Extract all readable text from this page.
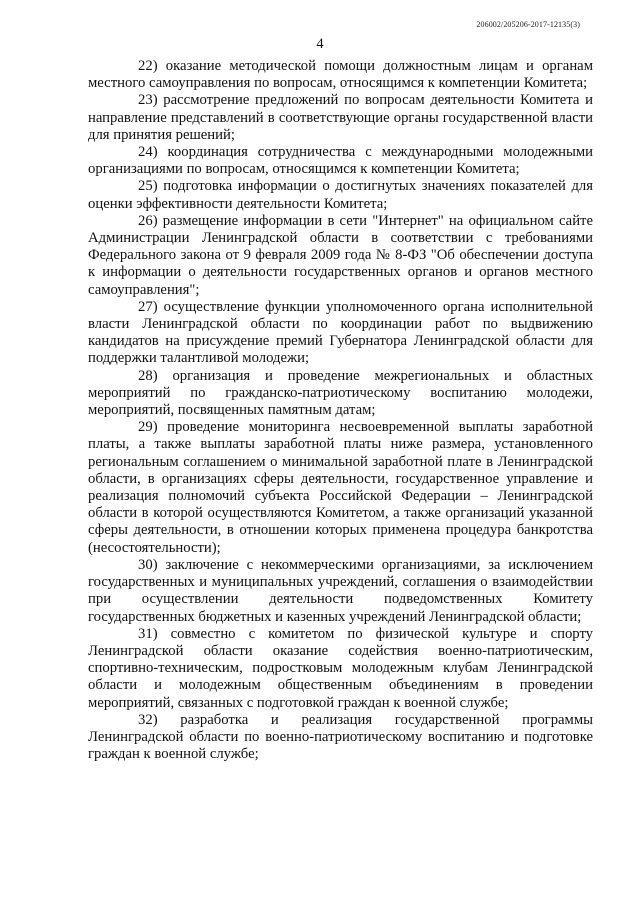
206002/205206-2017-12135(3)
4

22) оказание методической помощи должностным лицам и органам местного самоуправления по вопросам, относящимся к компетенции Комитета;

23) рассмотрение предложений по вопросам деятельности Комитета и направление представлений в соответствующие органы государственной власти для принятия решений;

24) координация сотрудничества с международными молодежными организациями по вопросам, относящимся к компетенции Комитета;

25) подготовка информации о достигнутых значениях показателей для оценки эффективности деятельности Комитета;

26) размещение информации в сети "Интернет" на официальном сайте Администрации Ленинградской области в соответствии с требованиями Федерального закона от 9 февраля 2009 года № 8-ФЗ "Об обеспечении доступа к информации о деятельности государственных органов и органов местного самоуправления";

27) осуществление функции уполномоченного органа исполнительной власти Ленинградской области по координации работ по выдвижению кандидатов на присуждение премий Губернатора Ленинградской области для поддержки талантливой молодежи;

28) организация и проведение межрегиональных и областных мероприятий по гражданско-патриотическому воспитанию молодежи, мероприятий, посвященных памятным датам;

29) проведение мониторинга несвоевременной выплаты заработной платы, а также выплаты заработной платы ниже размера, установленного региональным соглашением о минимальной заработной плате в Ленинградской области, в организациях сферы деятельности, государственное управление и реализация полномочий субъекта Российской Федерации – Ленинградской области в которой осуществляются Комитетом, а также организаций указанной сферы деятельности, в отношении которых применена процедура банкротства (несостоятельности);

30) заключение с некоммерческими организациями, за исключением государственных и муниципальных учреждений, соглашения о взаимодействии при осуществлении деятельности подведомственных Комитету государственных бюджетных и казенных учреждений Ленинградской области;

31) совместно с комитетом по физической культуре и спорту Ленинградской области оказание содействия военно-патриотическим, спортивно-техническим, подростковым молодежным клубам Ленинградской области и молодежным общественным объединениям в проведении мероприятий, связанных с подготовкой граждан к военной службе;

32) разработка и реализация государственной программы Ленинградской области по военно-патриотическому воспитанию и подготовке граждан к военной службе;
